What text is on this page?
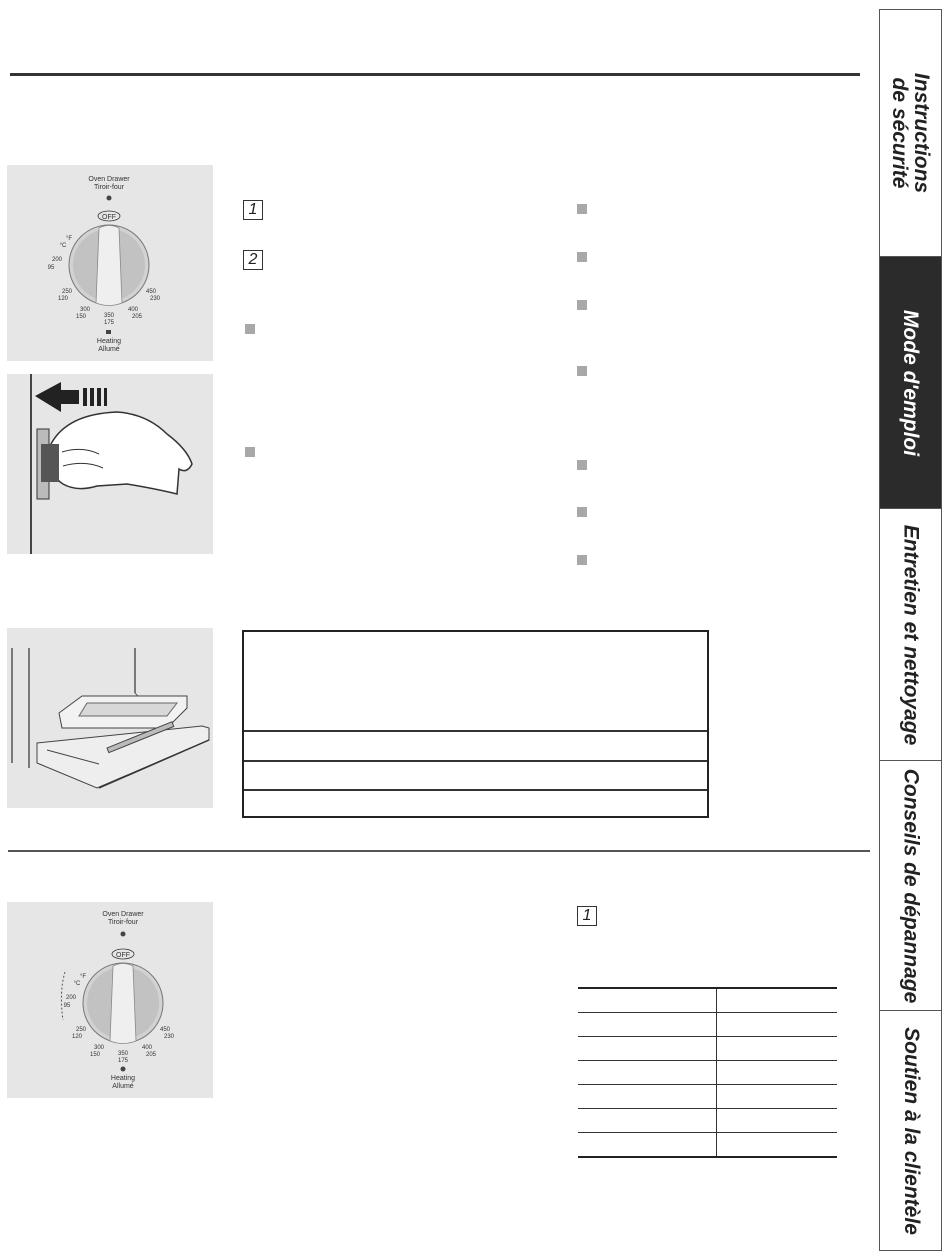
Oven Drawer
Tiroir-four
OFF
°F
°C
200
95
250
120
300
150	350
175
400
205
450
230
Heating
Allumé
1
2
Oven Drawer
Tiroir-four
OFF
°F
°C
200
95
250
120
300
150	350
175
400
205
450
230
Heating
Allumé
1
Instructions
de sécurité
Mode d'emploi
Entretien et nettoyage
Conseils de dépannage
Soutien à la clientèle
